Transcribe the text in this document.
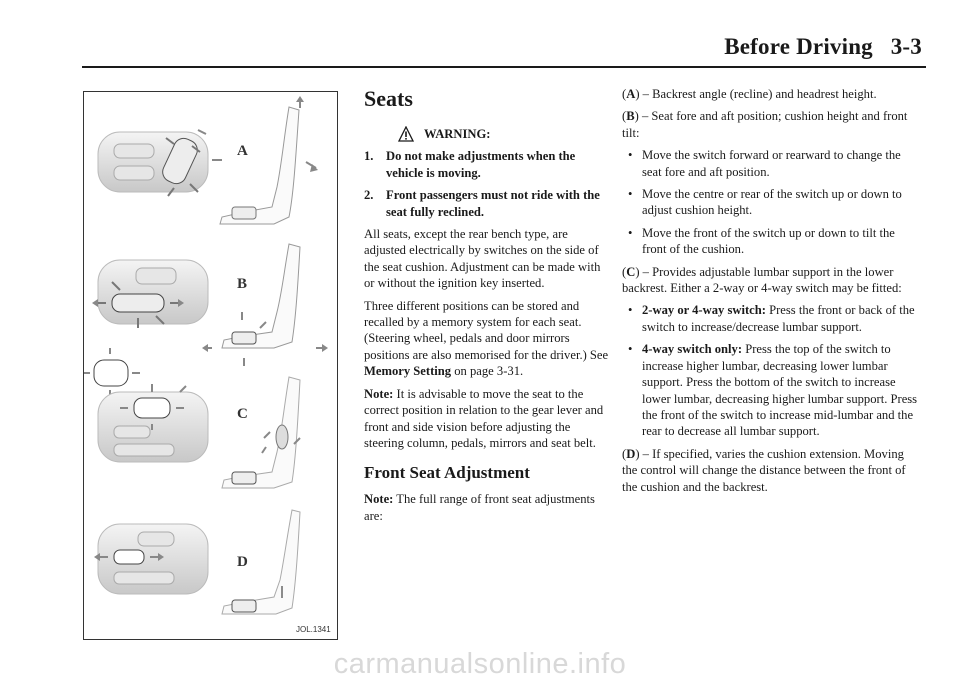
Before Driving   3-3
A
B
C
D
JOL.1341
Seats
WARNING:
1. Do not make adjustments when the vehicle is moving.
2. Front passengers must not ride with the seat fully reclined.

All seats, except the rear bench type, are adjusted electrically by switches on the side of the seat cushion. Adjustment can be made with or without the ignition key inserted.

Three different positions can be stored and recalled by a memory system for each seat. (Steering wheel, pedals and door mirrors positions are also memorised for the driver.) See Memory Setting on page 3-31.

Note: It is advisable to move the seat to the correct position in relation to the gear lever and front and side vision before adjusting the steering column, pedals, mirrors and seat belt.

Front Seat Adjustment

Note: The full range of front seat adjustments are:

(A) – Backrest angle (recline) and headrest height.

(B) – Seat fore and aft position; cushion height and front tilt:

• Move the switch forward or rearward to change the seat fore and aft position.
• Move the centre or rear of the switch up or down to adjust cushion height.
• Move the front of the switch up or down to tilt the front of the cushion.

(C) – Provides adjustable lumbar support in the lower backrest. Either a 2-way or 4-way switch may be fitted:

• 2-way or 4-way switch: Press the front or back of the switch to increase/decrease lumbar support.
• 4-way switch only: Press the top of the switch to increase higher lumbar, decreasing lower lumbar support. Press the bottom of the switch to increase lower lumbar, decreasing higher lumbar support. Press the front of the switch to increase mid-lumbar and the rear to decrease all lumbar support.

(D) – If specified, varies the cushion extension. Moving the control will change the distance between the front of the cushion and the backrest.

carmanualsonline.info
